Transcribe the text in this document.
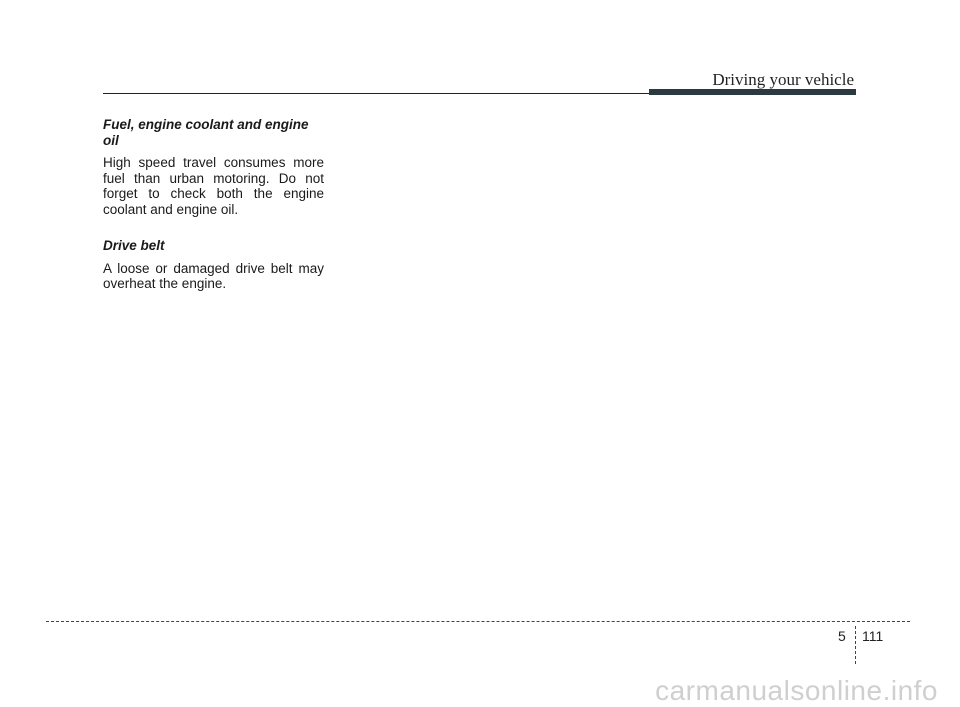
Driving your vehicle

Fuel, engine coolant and engine oil

High speed travel consumes more fuel than urban motoring. Do not forget to check both the engine coolant and engine oil.

Drive belt

A loose or damaged drive belt may overheat the engine.

5 111
carmanualsonline.info
